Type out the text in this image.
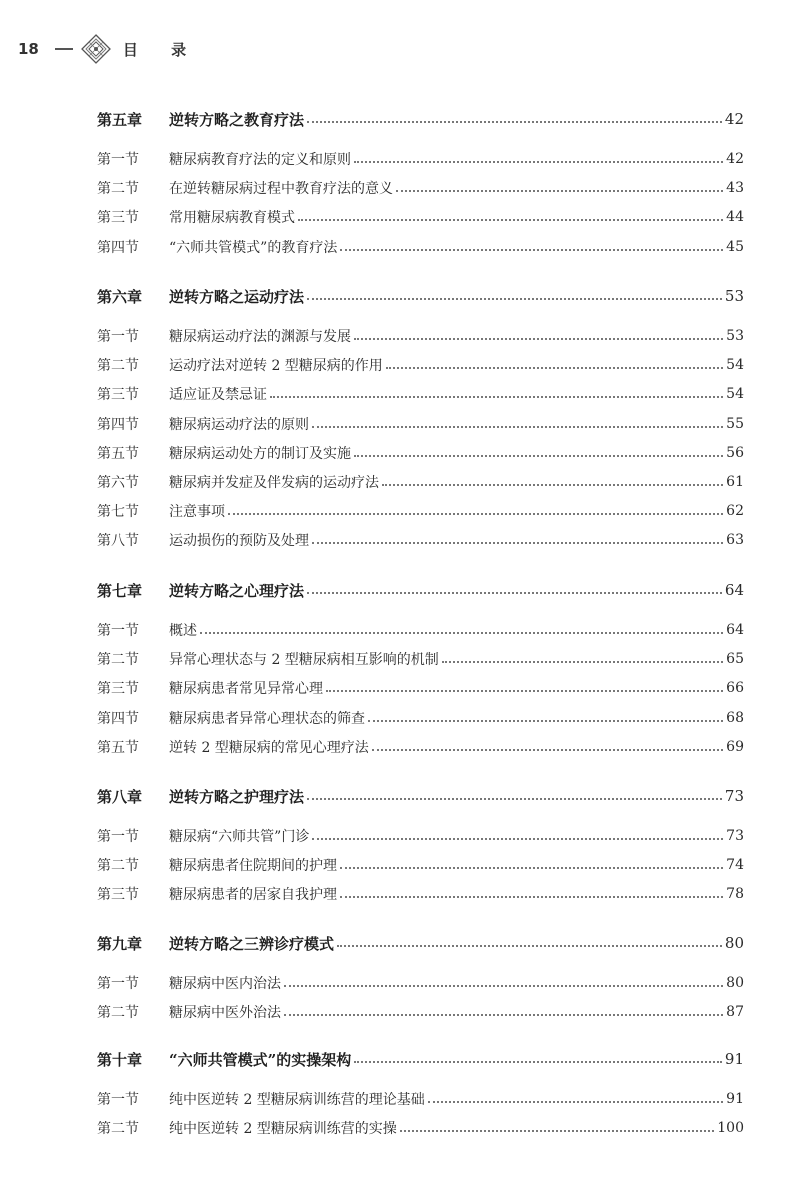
18	目 录
第五章	逆转方略之教育疗法	42
第一节	糖尿病教育疗法的定义和原则	42
第二节	在逆转糖尿病过程中教育疗法的意义	43
第三节	常用糖尿病教育模式	44
第四节	“六师共管模式”的教育疗法	45
第六章	逆转方略之运动疗法	53
第一节	糖尿病运动疗法的渊源与发展	53
第二节	运动疗法对逆转 2 型糖尿病的作用	54
第三节	适应证及禁忌证	54
第四节	糖尿病运动疗法的原则	55
第五节	糖尿病运动处方的制订及实施	56
第六节	糖尿病并发症及伴发病的运动疗法	61
第七节	注意事项	62
第八节	运动损伤的预防及处理	63
第七章	逆转方略之心理疗法	64
第一节	概述	64
第二节	异常心理状态与 2 型糖尿病相互影响的机制	65
第三节	糖尿病患者常见异常心理	66
第四节	糖尿病患者异常心理状态的筛查	68
第五节	逆转 2 型糖尿病的常见心理疗法	69
第八章	逆转方略之护理疗法	73
第一节	糖尿病“六师共管”门诊	73
第二节	糖尿病患者住院期间的护理	74
第三节	糖尿病患者的居家自我护理	78
第九章	逆转方略之三辨诊疗模式	80
第一节	糖尿病中医内治法	80
第二节	糖尿病中医外治法	87
第十章	“六师共管模式”的实操架构	91
第一节	纯中医逆转 2 型糖尿病训练营的理论基础	91
第二节	纯中医逆转 2 型糖尿病训练营的实操	100
